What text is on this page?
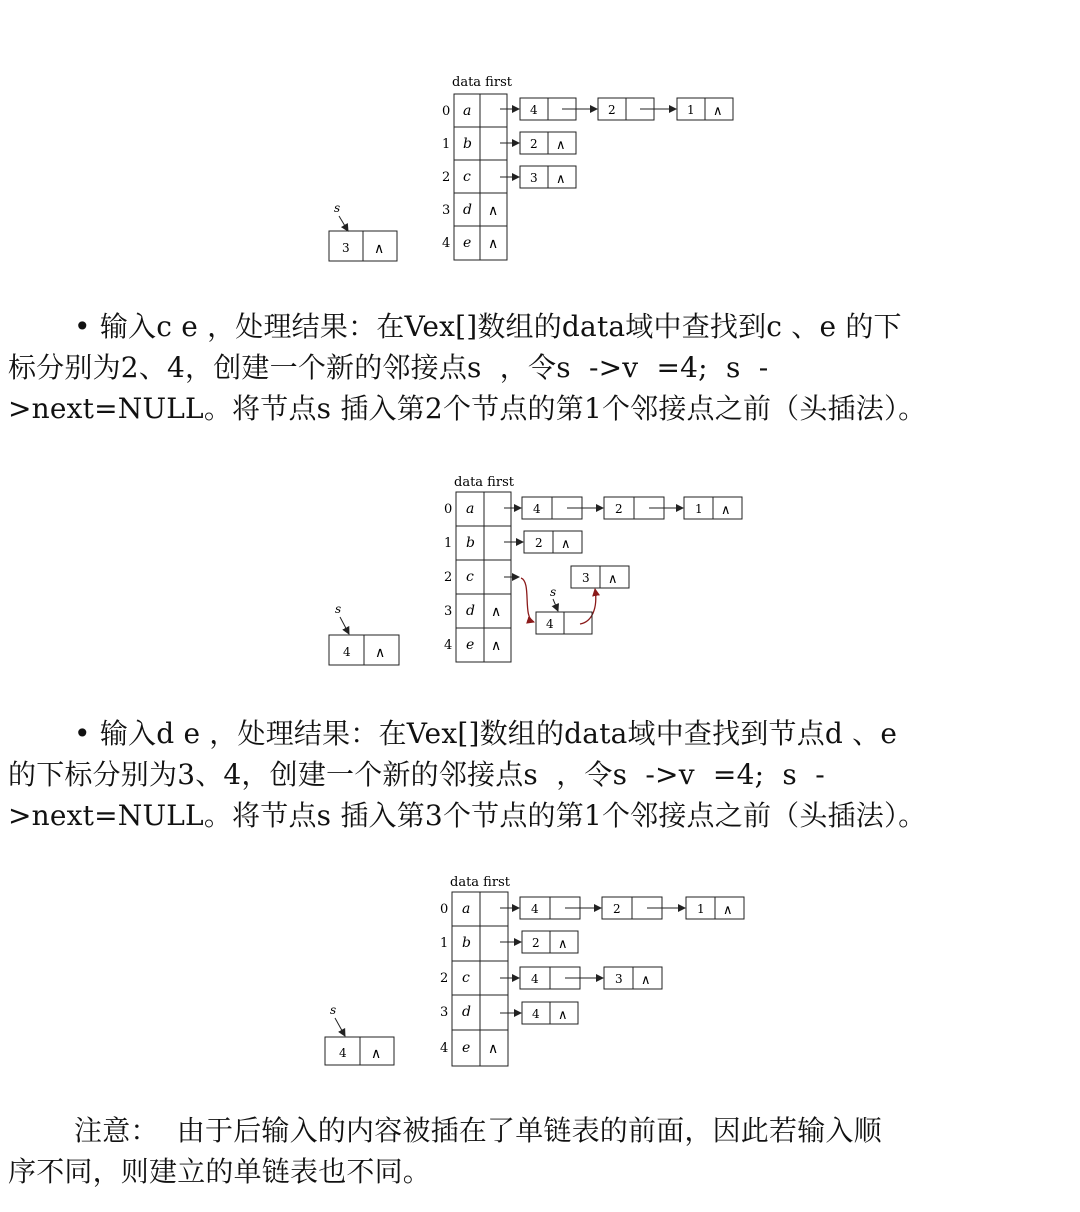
data first
0
1
2
3
4
a
b
c
d
e
∧
∧
4	2	1 ∧
2 ∧
3 ∧
s
3 ∧
• 输入c e ，处理结果：在Vex[]数组的data域中查找到c 、e 的下
标分别为2、4，创建一个新的邻接点s  ，令s  ->v  =4;  s  -
>next=NULL。将节点s 插入第2个节点的第1个邻接点之前（头插法）。
data first
0
1
2
3
4
a
b
c
d
e
∧
∧
4	2	1 ∧
2 ∧
3 ∧
s
4
s
4 ∧
• 输入d e ，处理结果：在Vex[]数组的data域中查找到节点d 、e
的下标分别为3、4，创建一个新的邻接点s  ，令s  ->v  =4;  s  -
>next=NULL。将节点s 插入第3个节点的第1个邻接点之前（头插法）。
data first
0
1
2
3
4
a
b
c
d
e ∧
4	2	1 ∧
2 ∧
4	3 ∧
4 ∧
s
4 ∧
注意：  由于后输入的内容被插在了单链表的前面，因此若输入顺
序不同，则建立的单链表也不同。
